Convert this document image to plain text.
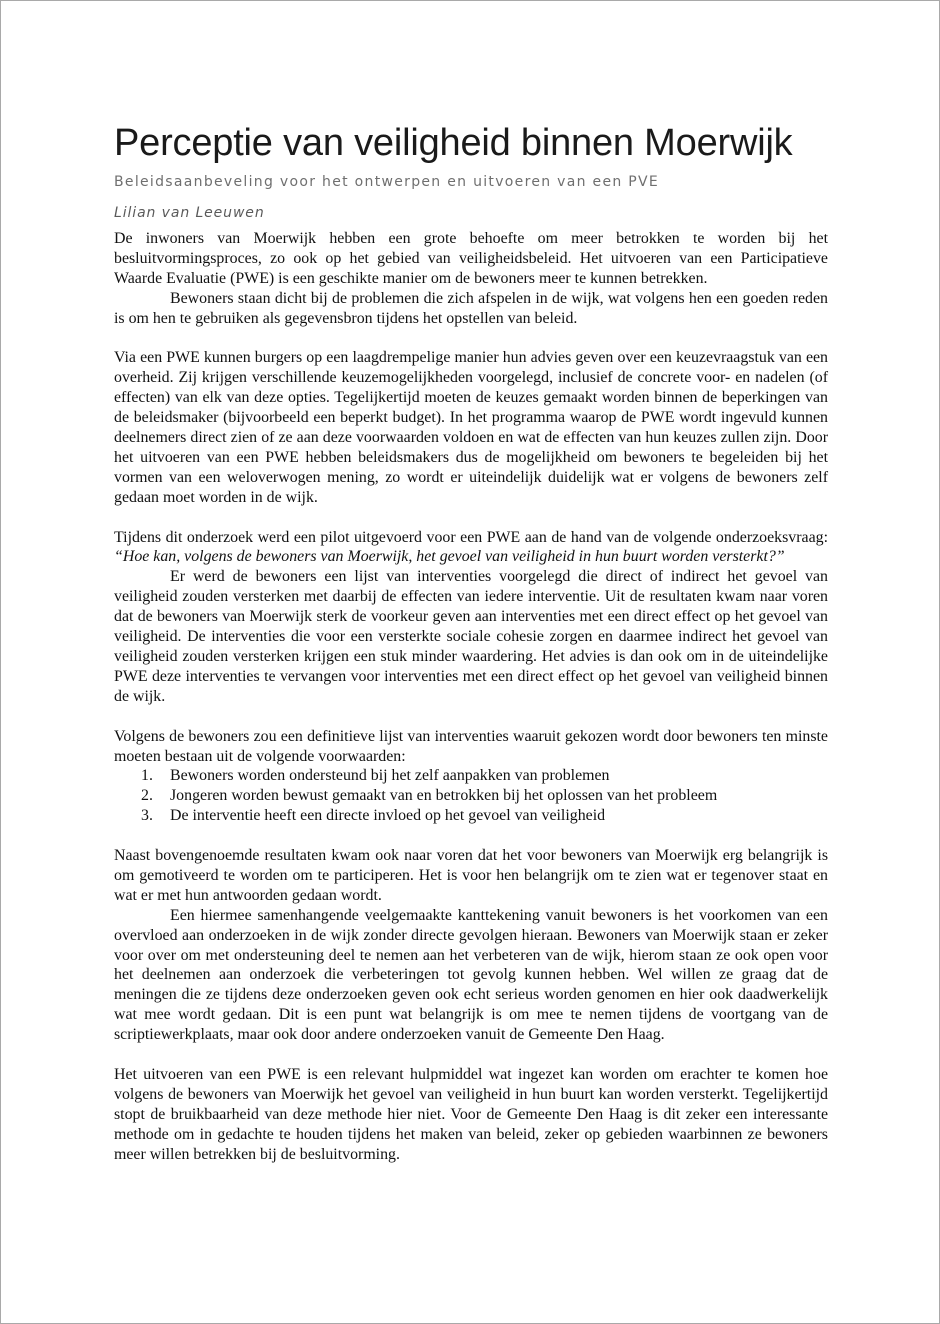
Perceptie van veiligheid binnen Moerwijk

Beleidsaanbeveling voor het ontwerpen en uitvoeren van een PVE

Lilian van Leeuwen

De inwoners van Moerwijk hebben een grote behoefte om meer betrokken te worden bij het besluitvormingsproces, zo ook op het gebied van veiligheidsbeleid. Het uitvoeren van een Participatieve Waarde Evaluatie (PWE) is een geschikte manier om de bewoners meer te kunnen betrekken.

Bewoners staan dicht bij de problemen die zich afspelen in de wijk, wat volgens hen een goeden reden is om hen te gebruiken als gegevensbron tijdens het opstellen van beleid.

Via een PWE kunnen burgers op een laagdrempelige manier hun advies geven over een keuzevraagstuk van een overheid. Zij krijgen verschillende keuzemogelijkheden voorgelegd, inclusief de concrete voor- en nadelen (of effecten) van elk van deze opties. Tegelijkertijd moeten de keuzes gemaakt worden binnen de beperkingen van de beleidsmaker (bijvoorbeeld een beperkt budget). In het programma waarop de PWE wordt ingevuld kunnen deelnemers direct zien of ze aan deze voorwaarden voldoen en wat de effecten van hun keuzes zullen zijn. Door het uitvoeren van een PWE hebben beleidsmakers dus de mogelijkheid om bewoners te begeleiden bij het vormen van een weloverwogen mening, zo wordt er uiteindelijk duidelijk wat er volgens de bewoners zelf gedaan moet worden in de wijk.

Tijdens dit onderzoek werd een pilot uitgevoerd voor een PWE aan de hand van de volgende onderzoeksvraag: “Hoe kan, volgens de bewoners van Moerwijk, het gevoel van veiligheid in hun buurt worden versterkt?”

Er werd de bewoners een lijst van interventies voorgelegd die direct of indirect het gevoel van veiligheid zouden versterken met daarbij de effecten van iedere interventie. Uit de resultaten kwam naar voren dat de bewoners van Moerwijk sterk de voorkeur geven aan interventies met een direct effect op het gevoel van veiligheid. De interventies die voor een versterkte sociale cohesie zorgen en daarmee indirect het gevoel van veiligheid zouden versterken krijgen een stuk minder waardering. Het advies is dan ook om in de uiteindelijke PWE deze interventies te vervangen voor interventies met een direct effect op het gevoel van veiligheid binnen de wijk.

Volgens de bewoners zou een definitieve lijst van interventies waaruit gekozen wordt door bewoners ten minste moeten bestaan uit de volgende voorwaarden:

1.	Bewoners worden ondersteund bij het zelf aanpakken van problemen
2.	Jongeren worden bewust gemaakt van en betrokken bij het oplossen van het probleem
3.	De interventie heeft een directe invloed op het gevoel van veiligheid

Naast bovengenoemde resultaten kwam ook naar voren dat het voor bewoners van Moerwijk erg belangrijk is om gemotiveerd te worden om te participeren. Het is voor hen belangrijk om te zien wat er tegenover staat en wat er met hun antwoorden gedaan wordt.

Een hiermee samenhangende veelgemaakte kanttekening vanuit bewoners is het voorkomen van een overvloed aan onderzoeken in de wijk zonder directe gevolgen hieraan. Bewoners van Moerwijk staan er zeker voor over om met ondersteuning deel te nemen aan het verbeteren van de wijk, hierom staan ze ook open voor het deelnemen aan onderzoek die verbeteringen tot gevolg kunnen hebben. Wel willen ze graag dat de meningen die ze tijdens deze onderzoeken geven ook echt serieus worden genomen en hier ook daadwerkelijk wat mee wordt gedaan. Dit is een punt wat belangrijk is om mee te nemen tijdens de voortgang van de scriptiewerkplaats, maar ook door andere onderzoeken vanuit de Gemeente Den Haag.

Het uitvoeren van een PWE is een relevant hulpmiddel wat ingezet kan worden om erachter te komen hoe volgens de bewoners van Moerwijk het gevoel van veiligheid in hun buurt kan worden versterkt. Tegelijkertijd stopt de bruikbaarheid van deze methode hier niet. Voor de Gemeente Den Haag is dit zeker een interessante methode om in gedachte te houden tijdens het maken van beleid, zeker op gebieden waarbinnen ze bewoners meer willen betrekken bij de besluitvorming.
